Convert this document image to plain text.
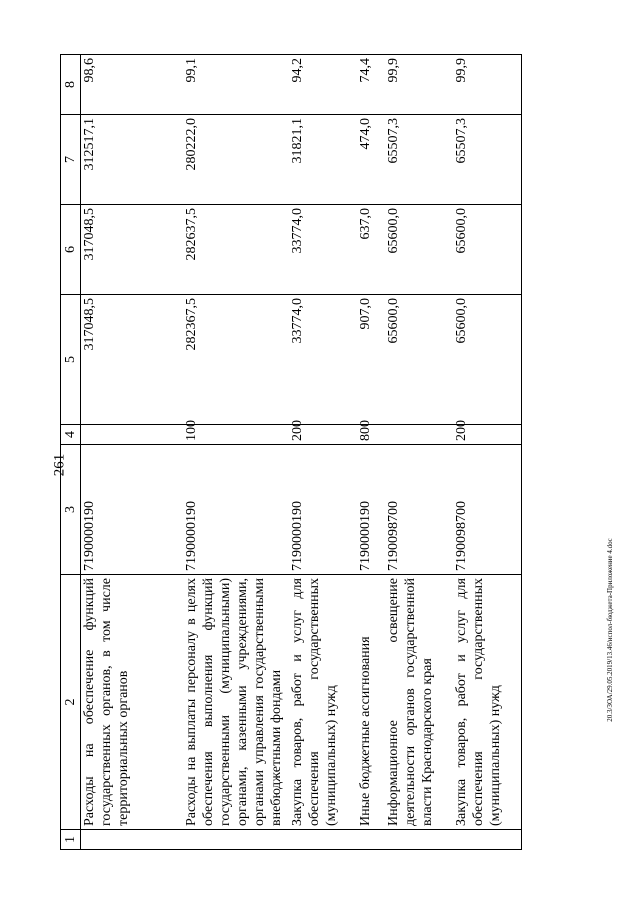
261
1	2	3	4	5	6	7	8
	Расходы на обеспечение функций государственных органов, в том числе территориальных органов	7190000190		317048,5	317048,5	312517,1	98,6
	Расходы на выплаты персоналу в целях обеспечения выполнения функций государственными (муниципальными) органами, казенными учреждениями, органами управления государственными внебюджетными фондами	7190000190	100	282367,5	282637,5	280222,0	99,1
	Закупка товаров, работ и услуг для обеспечения государственных (муниципальных) нужд	7190000190	200	33774,0	33774,0	31821,1	94,2
	Иные бюджетные ассигнования	7190000190	800	907,0	637,0	474,0	74,4
	Информационное освещение деятельности органов государственной власти Краснодарского края	7190098700		65600,0	65600,0	65507,3	99,9
	Закупка товаров, работ и услуг для обеспечения государственных (муниципальных) нужд	7190098700	200	65600,0	65600,0	65507,3	99,9
20.3/ЗОА/29.05.2019/13.46/испол-бюджета-Приложение 4.doc
